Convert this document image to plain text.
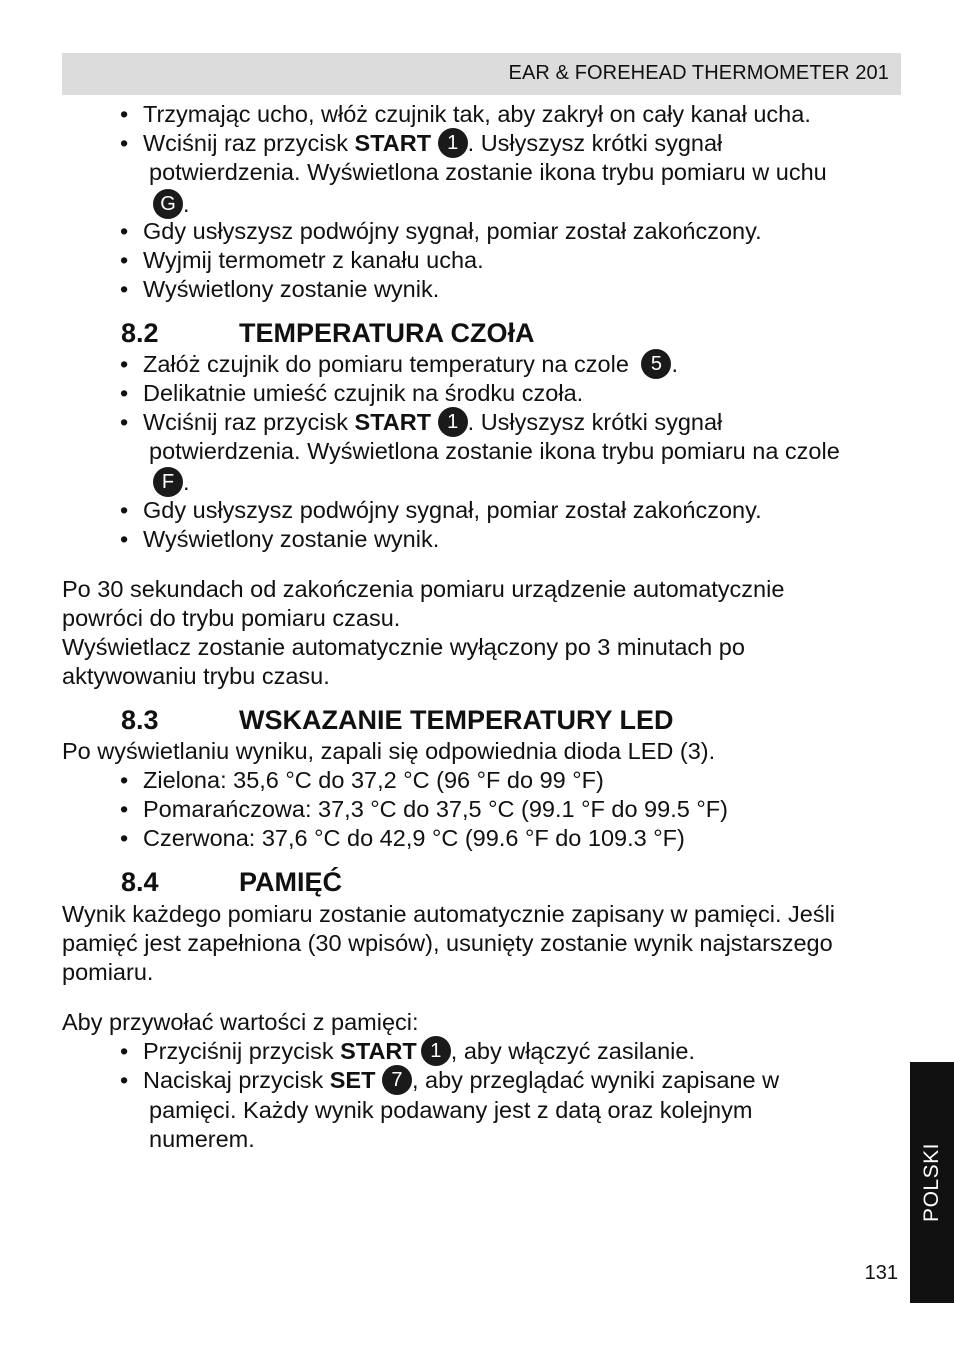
EAR & FOREHEAD THERMOMETER 201
• Trzymając ucho, włóż czujnik tak, aby zakrył on cały kanał ucha.
• Wciśnij raz przycisk START 1 . Usłyszysz krótki sygnał
potwierdzenia. Wyświetlona zostanie ikona trybu pomiaru w uchu
G .
• Gdy usłyszysz podwójny sygnał, pomiar został zakończony.
• Wyjmij termometr z kanału ucha.
• Wyświetlony zostanie wynik.
8.2	TEMPERATURA CZOłA
• Załóż czujnik do pomiaru temperatury na czole 5 .
• Delikatnie umieść czujnik na środku czoła.
• Wciśnij raz przycisk START 1 . Usłyszysz krótki sygnał
potwierdzenia. Wyświetlona zostanie ikona trybu pomiaru na czole
F .
• Gdy usłyszysz podwójny sygnał, pomiar został zakończony.
• Wyświetlony zostanie wynik.
Po 30 sekundach od zakończenia pomiaru urządzenie automatycznie
powróci do trybu pomiaru czasu.
Wyświetlacz zostanie automatycznie wyłączony po 3 minutach po
aktywowaniu trybu czasu.
8.3	WSKAZANIE TEMPERATURY LED
Po wyświetlaniu wyniku, zapali się odpowiednia dioda LED (3).
• Zielona: 35,6 °C do 37,2 °C (96 °F do 99 °F)
• Pomarańczowa: 37,3 °C do 37,5 °C (99.1 °F do 99.5 °F)
• Czerwona: 37,6 °C do 42,9 °C (99.6 °F do 109.3 °F)
8.4	PAMIĘĆ
Wynik każdego pomiaru zostanie automatycznie zapisany w pamięci. Jeśli
pamięć jest zapełniona (30 wpisów), usunięty zostanie wynik najstarszego
pomiaru.
Aby przywołać wartości z pamięci:
• Przyciśnij przycisk START 1 , aby włączyć zasilanie.
• Naciskaj przycisk SET 7 , aby przeglądać wyniki zapisane w
pamięci. Każdy wynik podawany jest z datą oraz kolejnym
numerem.
POLSKI
131
